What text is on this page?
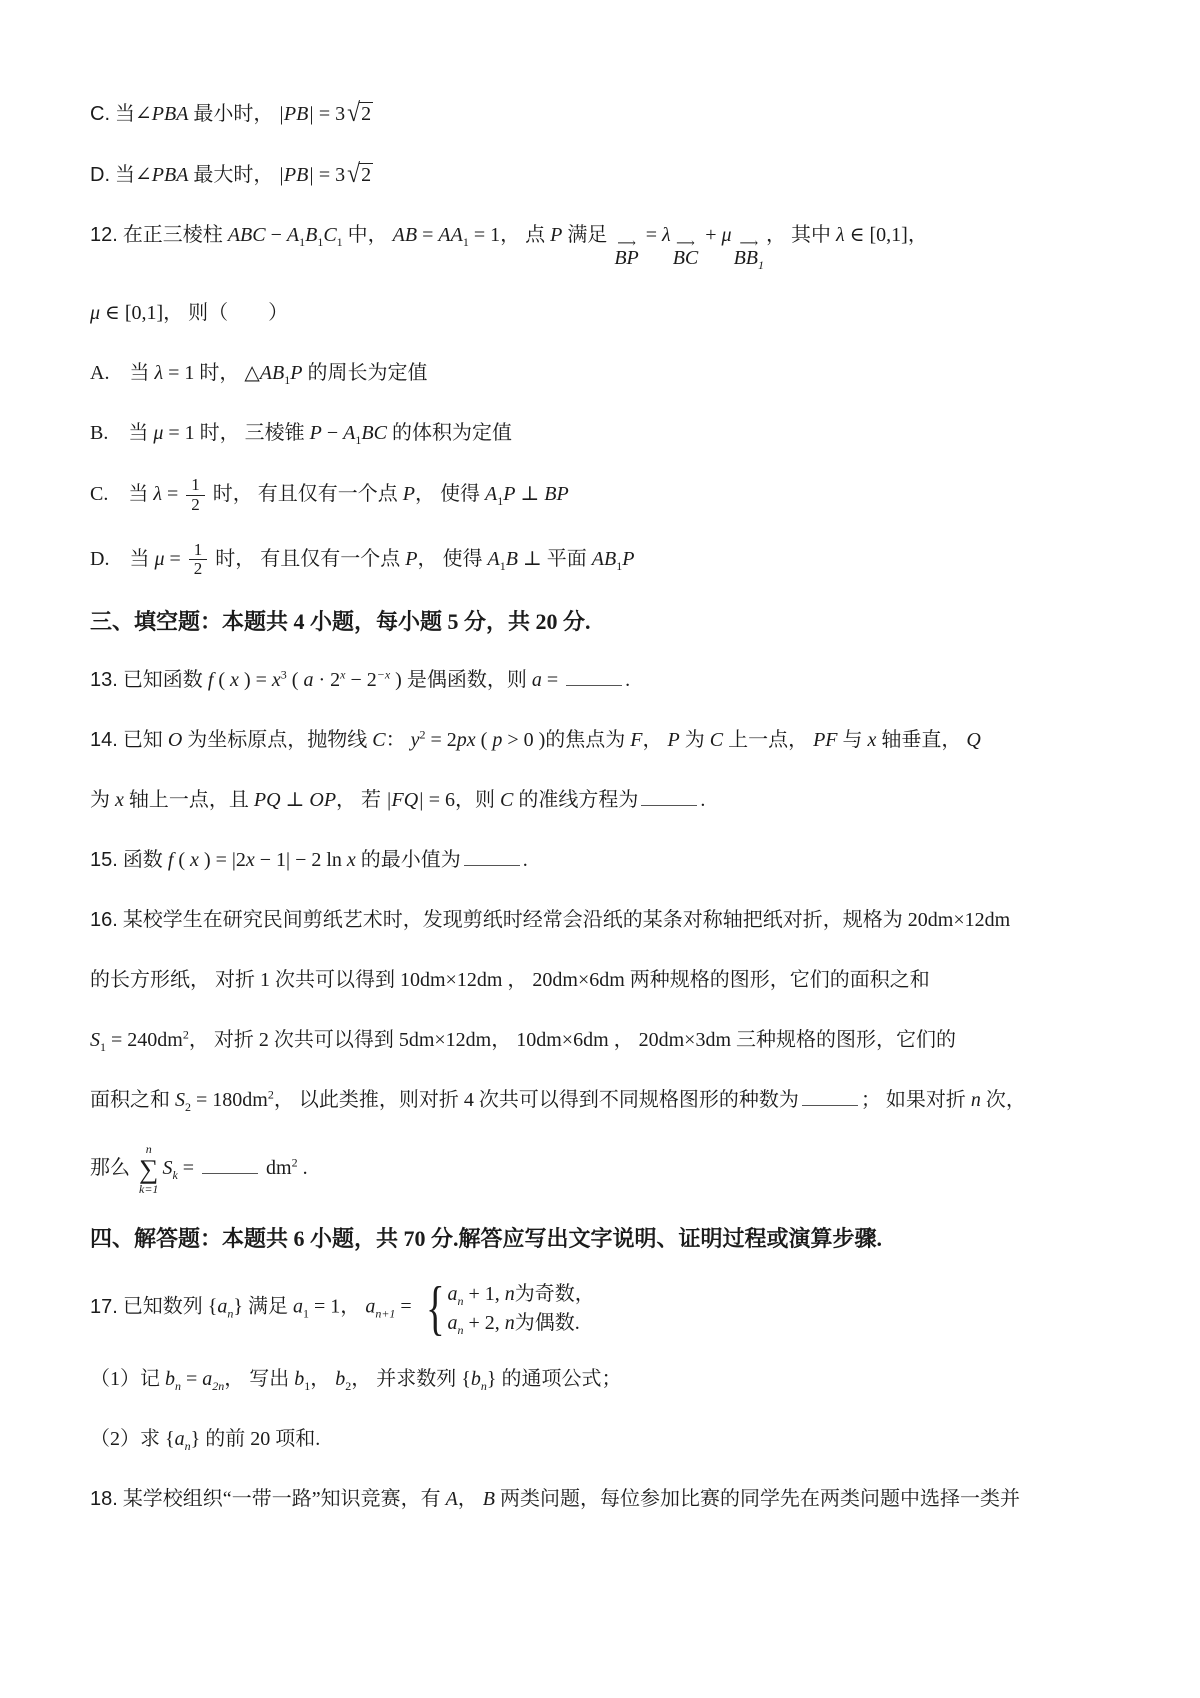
C. 当∠PBA 最小时， |PB| = 3√2
D. 当∠PBA 最大时， |PB| = 3√2
12. 在正三棱柱 ABC − $A_1B_1C_1$ 中， AB = $AA_1 = 1$， 点 P 满足 ⟶
BP
= λ ⟶
BC
+ μ ⟶
$BB_1$
， 其中 λ ∈ [0,1]，
μ ∈ [0,1]， 则（　　）
A.　当 λ = 1 时， $\triangle AB_1P$ 的周长为定值
B.　当 μ = 1 时， 三棱锥 $P - A_1BC$ 的体积为定值
C.　当 $\lambda = \frac{1}{2}$ 时， 有且仅有一个点 P， 使得 $A_1P$ ⊥ BP
D.　当 $\mu = \frac{1}{2}$ 时， 有且仅有一个点 P， 使得 $A_1B$ ⊥ 平面 $AB_1P$
三、填空题：本题共 4 小题，每小题 5 分，共 20 分.
13. 已知函数 f ( x ) = $x^3$ ( $a \cdot 2^x - 2^{-x}$ ) 是偶函数，则 a =	.
14. 已知 O 为坐标原点，抛物线 C： $y^2 = 2px$ ( p > 0 )的焦点为 F， P 为 C 上一点， PF 与 x 轴垂直， Q
为 x 轴上一点，且 PQ ⊥ OP， 若 |FQ| = 6，则 C 的准线方程为	.
15. 函数 f ( x ) = |2x − 1| − 2 ln x 的最小值为	.
16. 某校学生在研究民间剪纸艺术时，发现剪纸时经常会沿纸的某条对称轴把纸对折，规格为 20dm×12dm
的长方形纸， 对折 1 次共可以得到 10dm×12dm ， 20dm×6dm 两种规格的图形，它们的面积之和
$S_1 = 240dm^2$， 对折 2 次共可以得到 5dm×12dm， 10dm×6dm ， 20dm×3dm 三种规格的图形，它们的
面积之和 $S_2 = 180dm^2$， 以此类推，则对折 4 次共可以得到不同规格图形的种数为	； 如果对折 n 次，
那么
n
∑
k=1
$S_k$ =	$dm^2$ .
四、解答题：本题共 6 小题，共 70 分.解答应写出文字说明、证明过程或演算步骤.
17. 已知数列 $\{a_n\}$ 满足 $a_1 = 1$， $a_{n+1}$ = { $a_n + 1$, n为奇数，
$a_n + 2$, n为偶数.
（1）记 $b_n = a_{2n}$， 写出 $b_1$， $b_2$， 并求数列 $\{b_n\}$ 的通项公式；
（2）求 $\{a_n\}$ 的前 20 项和.
18. 某学校组织“一带一路”知识竞赛，有 A， B 两类问题，每位参加比赛的同学先在两类问题中选择一类并
